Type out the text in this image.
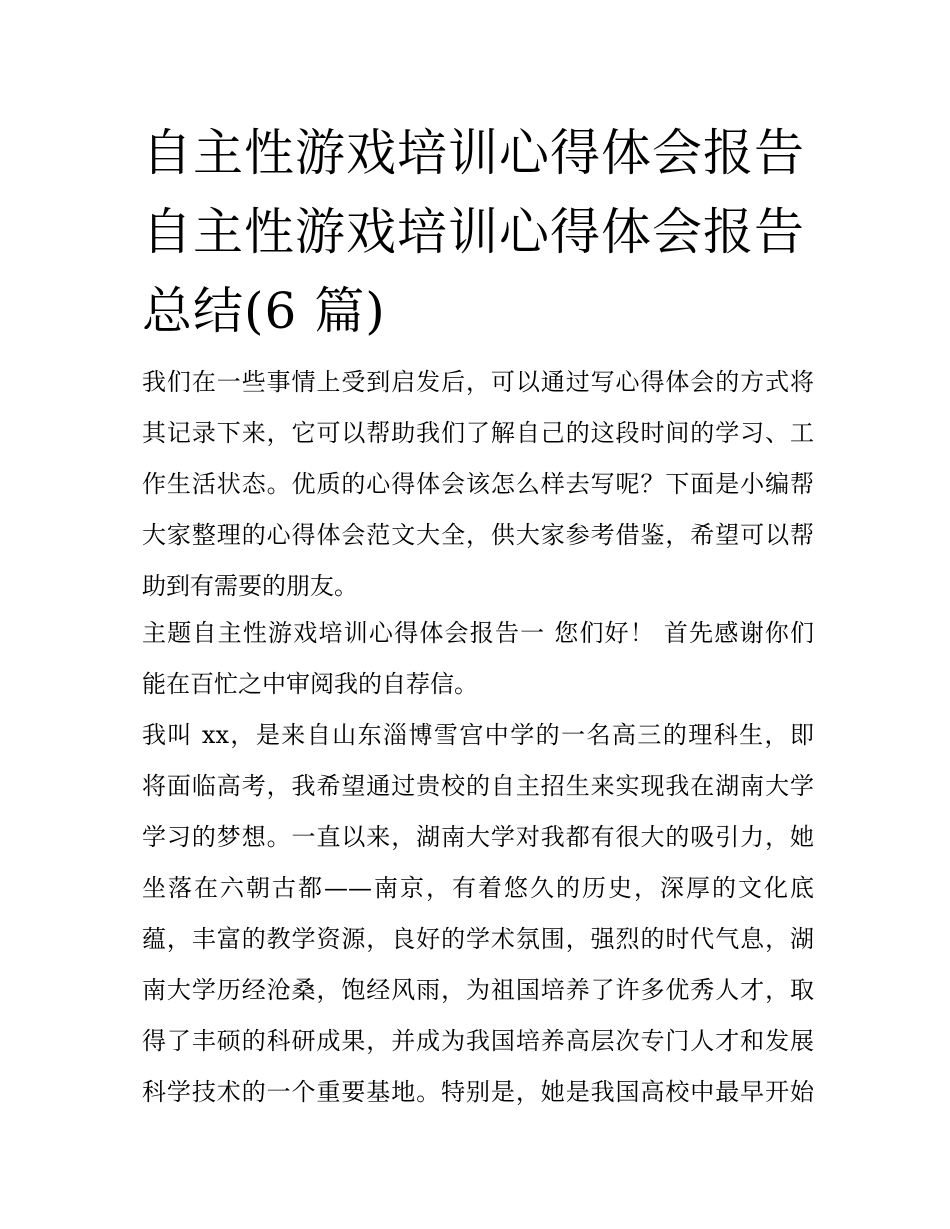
自主性游戏培训心得体会报告
自主性游戏培训心得体会报告
总结(6 篇)
我们在一些事情上受到启发后，可以通过写心得体会的方式将
其记录下来，它可以帮助我们了解自己的这段时间的学习、工
作生活状态。优质的心得体会该怎么样去写呢？下面是小编帮
大家整理的心得体会范文大全，供大家参考借鉴，希望可以帮
助到有需要的朋友。
主题自主性游戏培训心得体会报告一 您们好！ 首先感谢你们
能在百忙之中审阅我的自荐信。
我叫 xx，是来自山东淄博雪宫中学的一名高三的理科生，即
将面临高考，我希望通过贵校的自主招生来实现我在湖南大学
学习的梦想。一直以来，湖南大学对我都有很大的吸引力，她
坐落在六朝古都——南京，有着悠久的历史，深厚的文化底
蕴，丰富的教学资源，良好的学术氛围，强烈的时代气息，湖
南大学历经沧桑，饱经风雨，为祖国培养了许多优秀人才，取
得了丰硕的科研成果，并成为我国培养高层次专门人才和发展
科学技术的一个重要基地。特别是，她是我国高校中最早开始
